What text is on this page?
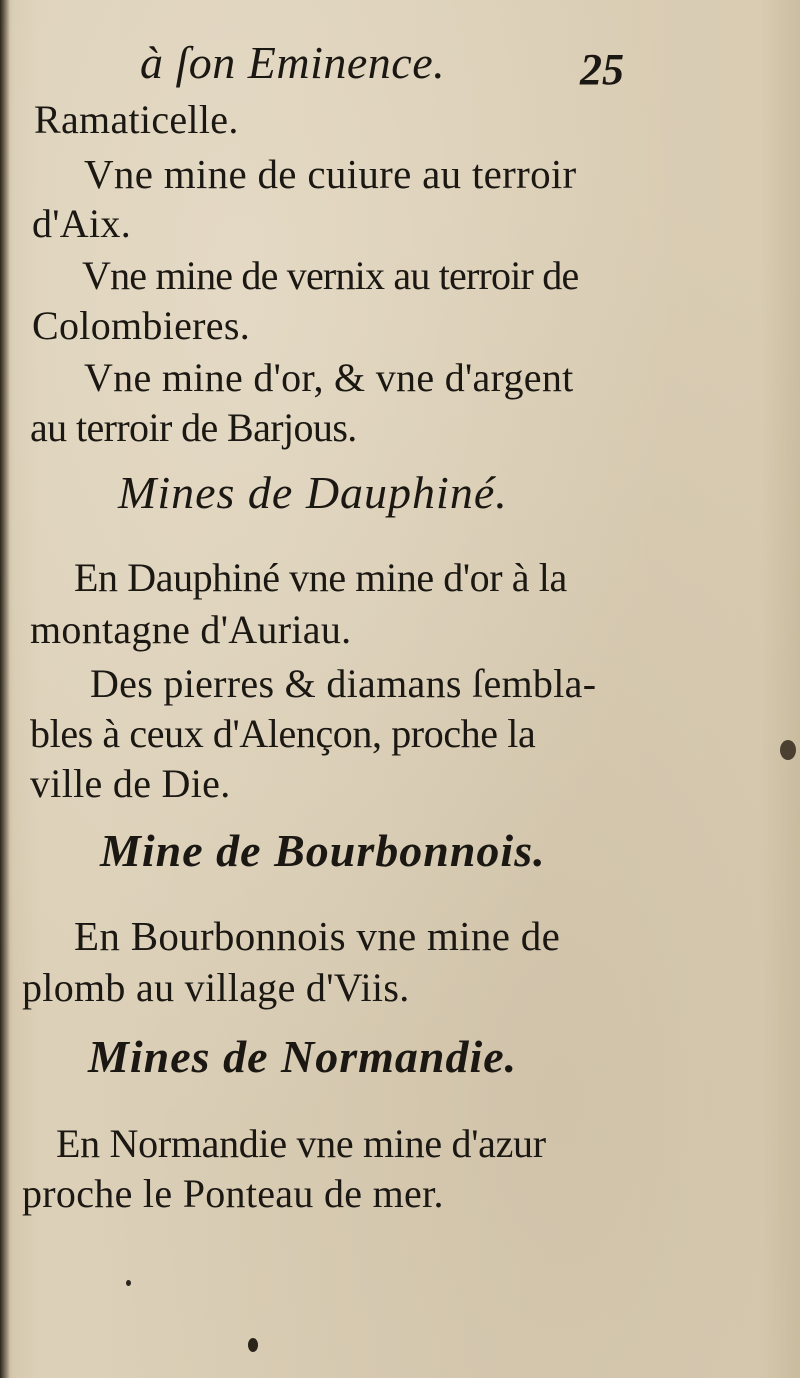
à ſon Eminence.	25
Ramaticelle.
Vne mine de cuiure au terroir
d'Aix.
Vne mine de vernix au terroir de
Colombieres.
Vne mine d'or, & vne d'argent
au terroir de Barjous.
Mines de Dauphiné.
En Dauphiné vne mine d'or à la
montagne d'Auriau.
Des pierres & diamans ſembla-
bles à ceux d'Alençon, proche la
ville de Die.
Mine de Bourbonnois.
En Bourbonnois vne mine de
plomb au village d'Viis.
Mines de Normandie.
En Normandie vne mine d'azur
proche le Ponteau de mer.
